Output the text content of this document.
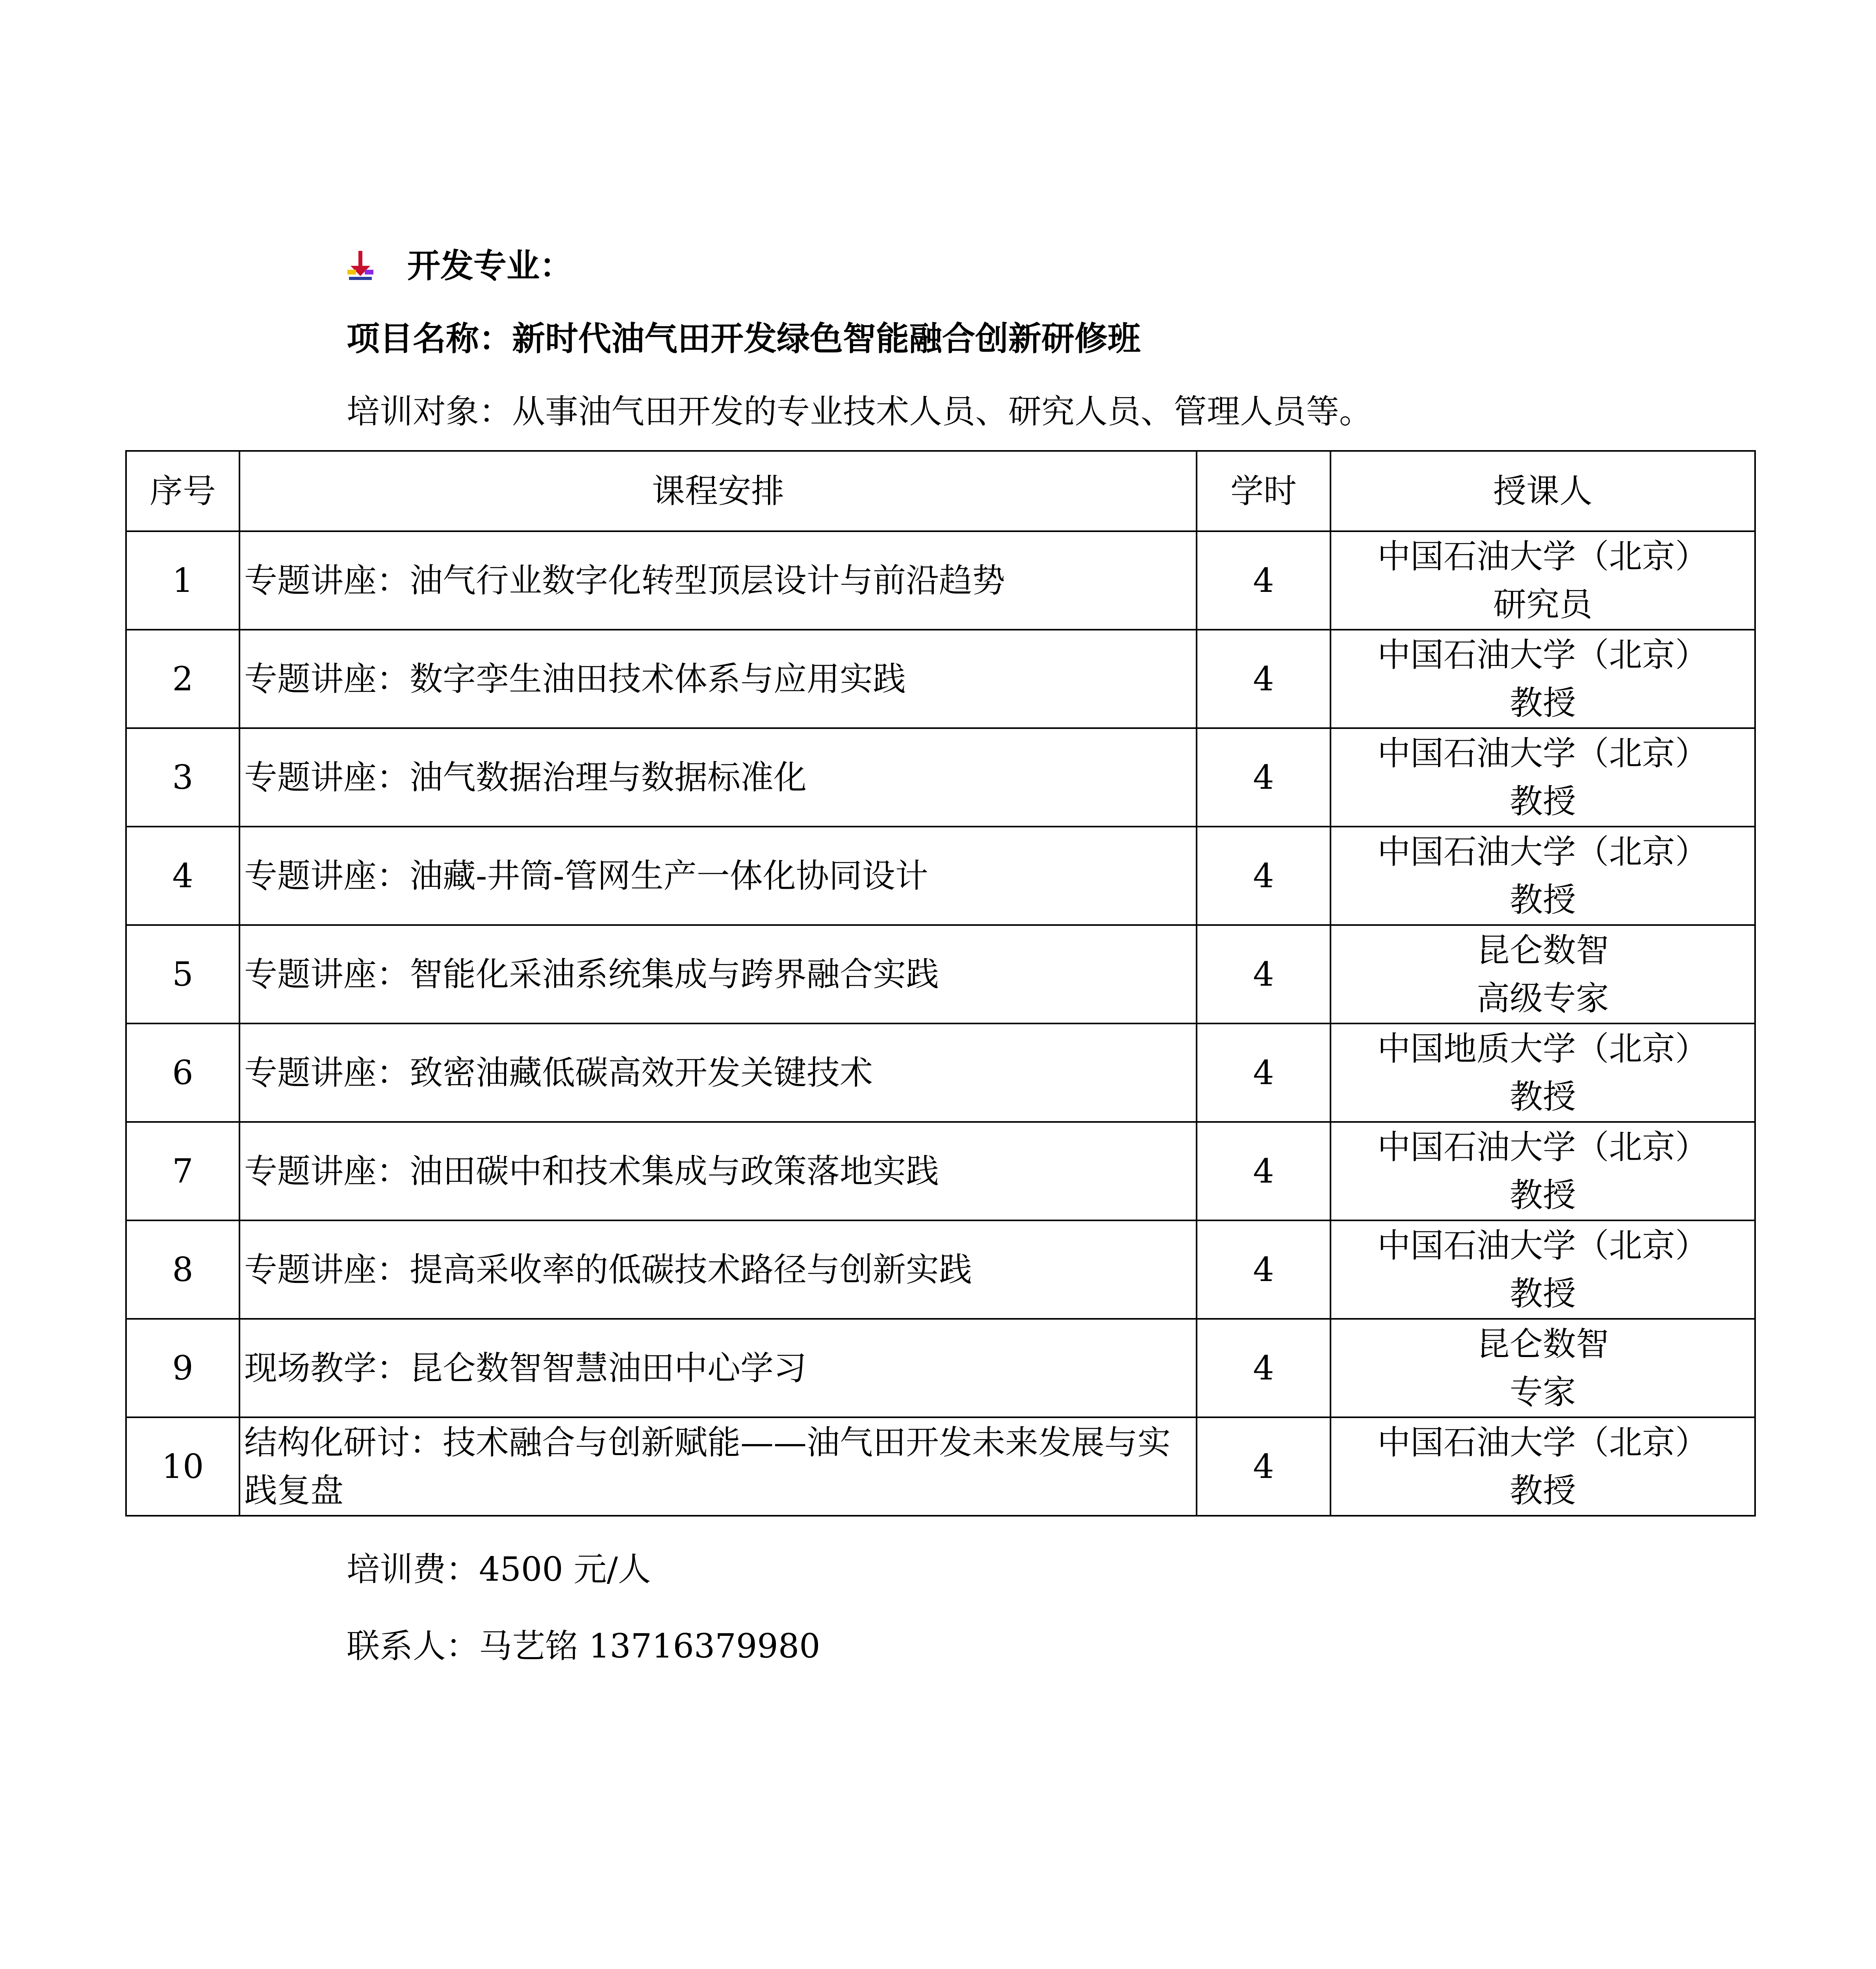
开发专业：
项目名称：新时代油气田开发绿色智能融合创新研修班
培训对象：从事油气田开发的专业技术人员、研究人员、管理人员等。
序号	课程安排	学时	授课人
1	专题讲座：油气行业数字化转型顶层设计与前沿趋势	4	中国石油大学（北京）
研究员

2	专题讲座：数字孪生油田技术体系与应用实践	4	中国石油大学（北京）
教授

3	专题讲座：油气数据治理与数据标准化	4	中国石油大学（北京）
教授

4	专题讲座：油藏-井筒-管网生产一体化协同设计	4	中国石油大学（北京）
教授

5	专题讲座：智能化采油系统集成与跨界融合实践	4	昆仑数智
高级专家

6	专题讲座：致密油藏低碳高效开发关键技术	4	中国地质大学（北京）
教授

7	专题讲座：油田碳中和技术集成与政策落地实践	4	中国石油大学（北京）
教授

8	专题讲座：提高采收率的低碳技术路径与创新实践	4	中国石油大学（北京）
教授

9	现场教学：昆仑数智智慧油田中心学习	4	昆仑数智
专家

10	结构化研讨：技术融合与创新赋能——油气田开发未来发展与实践复盘	4	中国石油大学（北京）
教授
培训费：4500 元/人
联系人：马艺铭 13716379980
